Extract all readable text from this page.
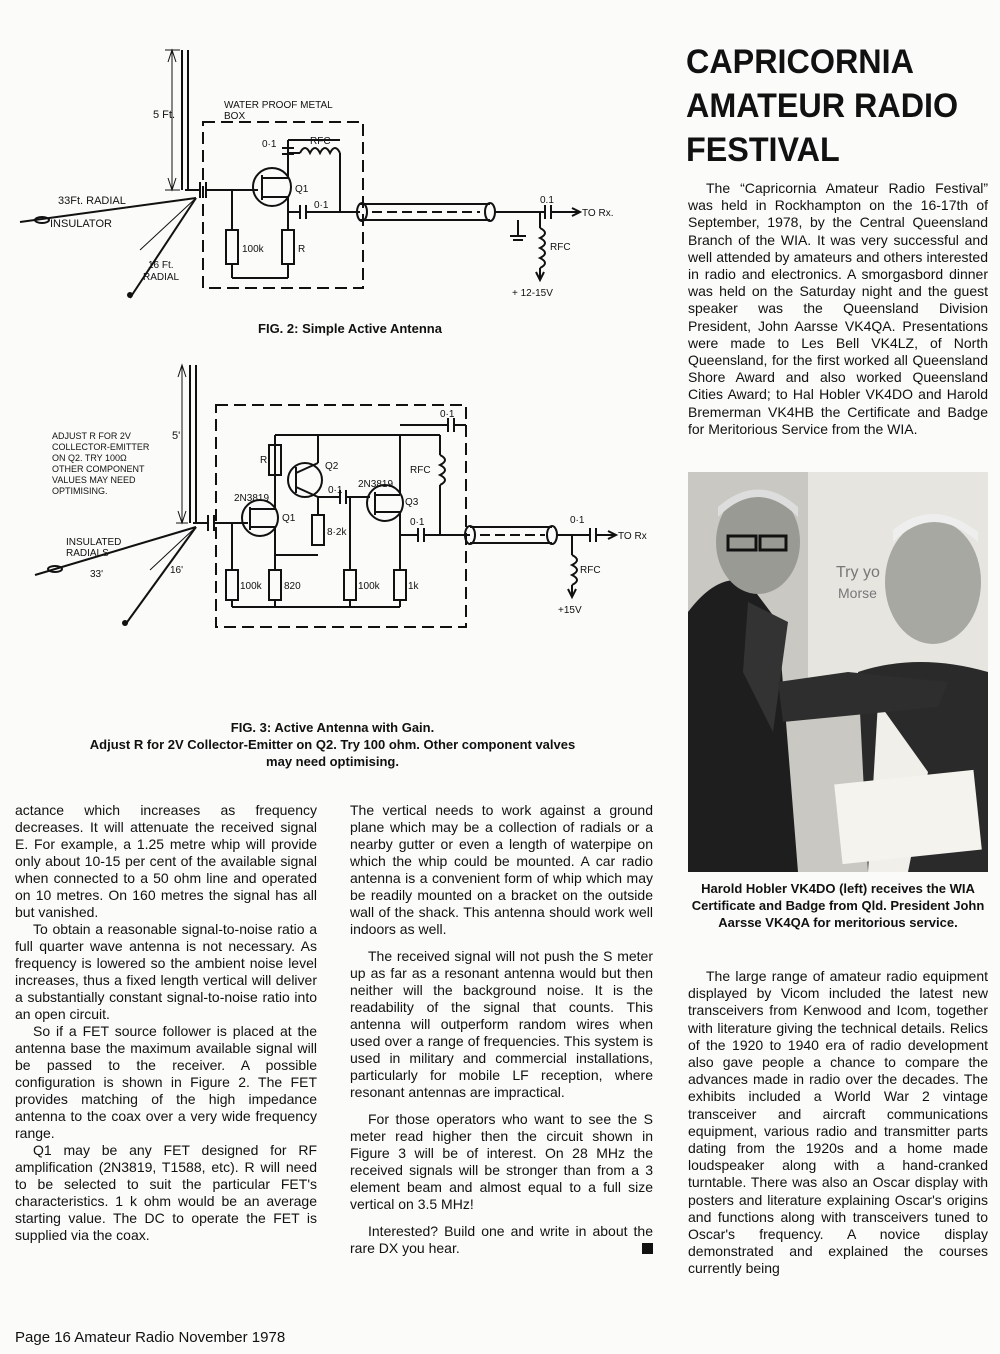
5 Ft.
WATER PROOF METAL
BOX
0·1	RFC
Q1
0·1
33Ft. RADIAL
INSULATOR
100k	R
16 Ft.
RADIAL
0.1
TO Rx.
RFC
+ 12-15V
FIG. 2: Simple Active Antenna
ADJUST R FOR 2V
COLLECTOR-EMITTER
ON Q2. TRY 100Ω
OTHER COMPONENT
VALUES MAY NEED
OPTIMISING.
5'
R
Q2
0·1
RFC
2N3819
Q1
0·1
2N3819
Q3
0·1
8·2k
INSULATED
RADIALS
33'	16'
100k 820	100k	1k
0·1
TO Rx
RFC
+15V
FIG. 3: Active Antenna with Gain.
Adjust R for 2V Collector-Emitter on Q2. Try 100 ohm. Other component valves
may need optimising.

actance which increases as frequency decreases. It will attenuate the received signal E. For example, a 1.25 metre whip will provide only about 10-15 per cent of the available signal when connected to a 50 ohm line and operated on 10 metres. On 160 metres the signal has all but vanished.

To obtain a reasonable signal-to-noise ratio a full quarter wave antenna is not necessary. As frequency is lowered so the ambient noise level increases, thus a fixed length vertical will deliver a substantially constant signal-to-noise ratio into an open circuit.

So if a FET source follower is placed at the antenna base the maximum available signal will be passed to the receiver. A possible configuration is shown in Figure 2. The FET provides matching of the high impedance antenna to the coax over a very wide frequency range.

Q1 may be any FET designed for RF amplification (2N3819, T1588, etc). R will need to be selected to suit the particular FET's characteristics. 1 k ohm would be an average starting value. The DC to operate the FET is supplied via the coax.

The vertical needs to work against a ground plane which may be a collection of radials or a nearby gutter or even a length of waterpipe on which the whip could be mounted. A car radio antenna is a convenient form of whip which may be readily mounted on a bracket on the outside wall of the shack. This antenna should work well indoors as well.

The received signal will not push the S meter up as far as a resonant antenna would but then neither will the background noise. It is the readability of the signal that counts. This antenna will outperform random wires when used over a range of frequencies. This system is used in military and commercial installations, particularly for mobile LF reception, where resonant antennas are impractical.

For those operators who want to see the S meter read higher then the circuit shown in Figure 3 will be of interest. On 28 MHz the received signals will be stronger than from a 3 element beam and almost equal to a full size vertical on 3.5 MHz!

Interested? Build one and write in about the rare DX you hear.

CAPRICORNIA
AMATEUR RADIO
FESTIVAL

The “Capricornia Amateur Radio Festival” was held in Rockhampton on the 16-17th of September, 1978, by the Central Queensland Branch of the WIA. It was very successful and well attended by amateurs and others interested in radio and electronics. A smorgasbord dinner was held on the Saturday night and the guest speaker was the Queensland Division President, John Aarsse VK4QA. Presentations were made to Les Bell VK4LZ, of North Queensland, for the first worked all Queensland Shore Award and also worked Queensland Cities Award; to Hal Hobler VK4DO and Harold Bremerman VK4HB the Certificate and Badge for Meritorious Service from the WIA.

Try yo
Morse
Harold Hobler VK4DO (left) receives the WIA Certificate and Badge from Qld. President John Aarsse VK4QA for meritorious service.

The large range of amateur radio equipment displayed by Vicom included the latest new transceivers from Kenwood and Icom, together with literature giving the technical details. Relics of the 1920 to 1940 era of radio development also gave people a chance to compare the advances made in radio over the decades. The exhibits included a World War 2 vintage transceiver and aircraft communications equipment, various radio and transmitter parts dating from the 1920s and a home made loudspeaker along with a hand-cranked turntable. There was also an Oscar display with posters and literature explaining Oscar's origins and functions along with transceivers tuned to Oscar's frequency. A novice display demonstrated and explained the courses currently being

Page 16 Amateur Radio November 1978
